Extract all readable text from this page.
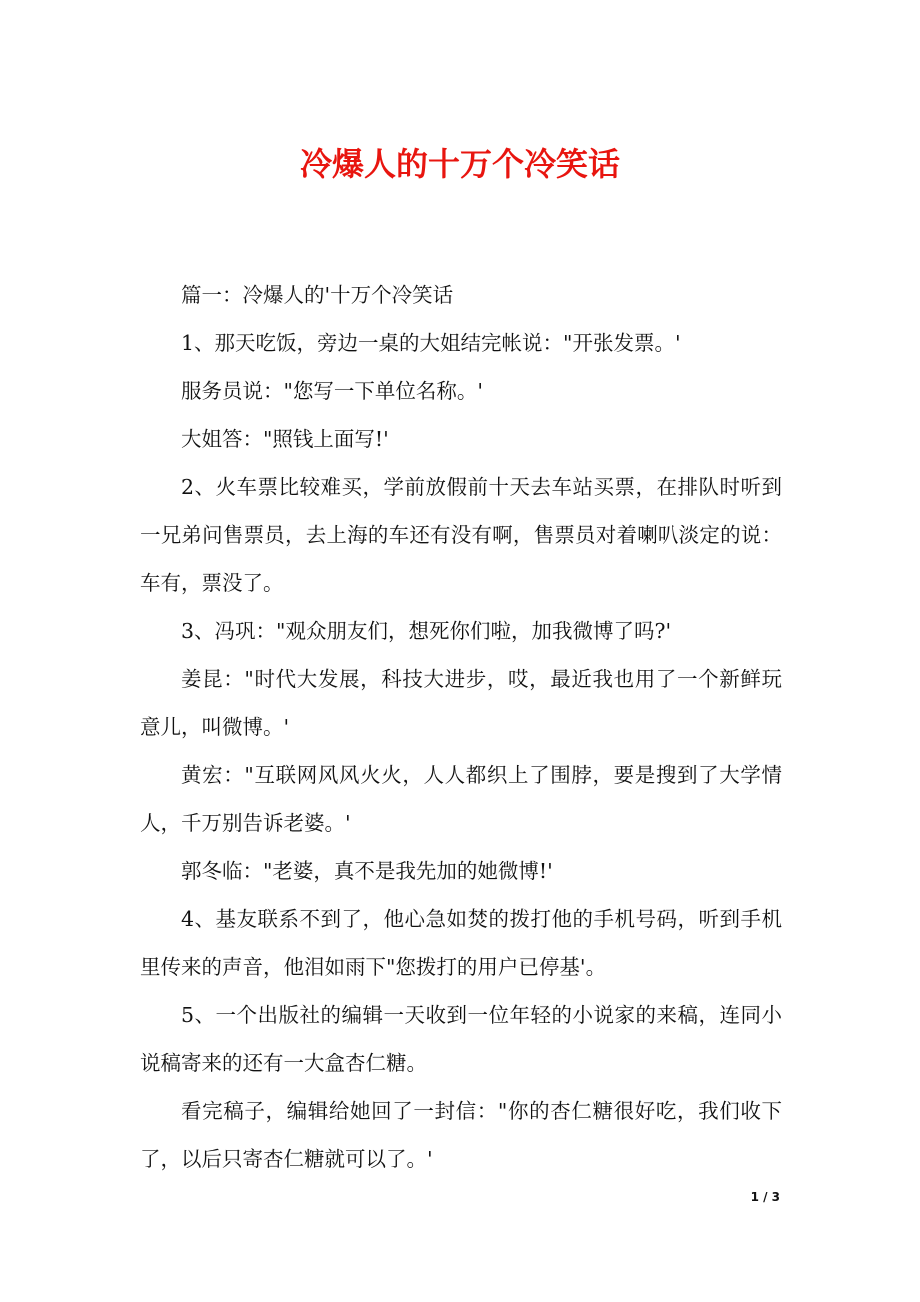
冷爆人的十万个冷笑话

篇一：冷爆人的'十万个冷笑话

1、那天吃饭，旁边一桌的大姐结完帐说："开张发票。'

服务员说："您写一下单位名称。'

大姐答："照钱上面写!'

2、火车票比较难买，学前放假前十天去车站买票，在排队时听到一兄弟问售票员，去上海的车还有没有啊，售票员对着喇叭淡定的说：车有，票没了。

3、冯巩："观众朋友们，想死你们啦，加我微博了吗?'

姜昆："时代大发展，科技大进步，哎，最近我也用了一个新鲜玩意儿，叫微博。'

黄宏："互联网风风火火，人人都织上了围脖，要是搜到了大学情人，千万别告诉老婆。'

郭冬临："老婆，真不是我先加的她微博!'

4、基友联系不到了，他心急如焚的拨打他的手机号码，听到手机里传来的声音，他泪如雨下"您拨打的用户已停基'。

5、一个出版社的编辑一天收到一位年轻的小说家的来稿，连同小说稿寄来的还有一大盒杏仁糖。

看完稿子，编辑给她回了一封信："你的杏仁糖很好吃，我们收下了，以后只寄杏仁糖就可以了。'

1 / 3
